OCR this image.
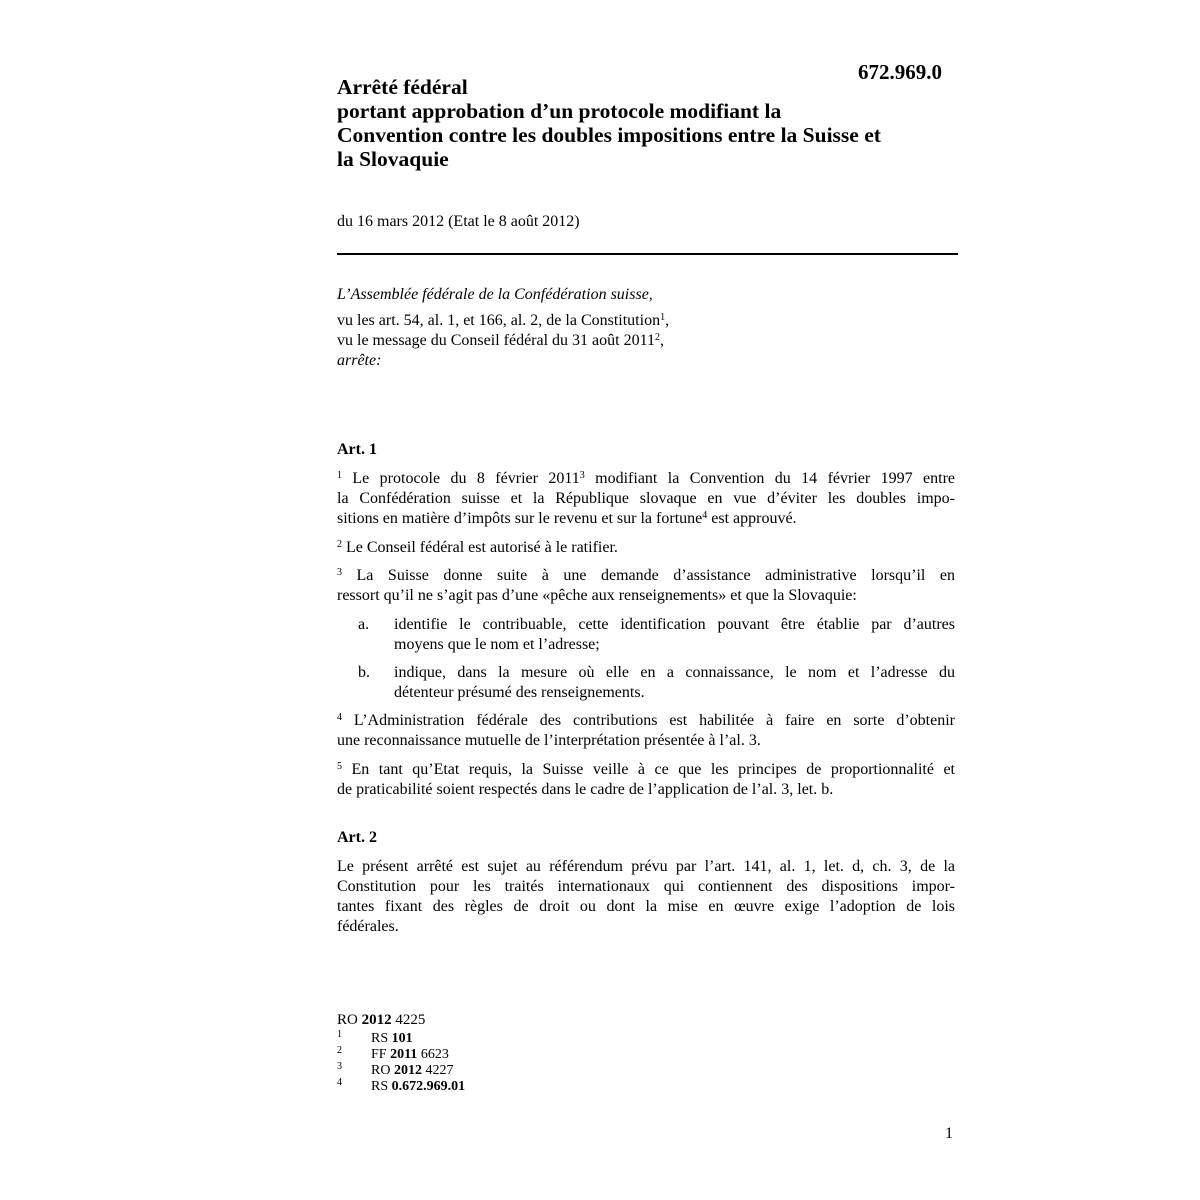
672.969.0
Arrêté fédéral
portant approbation d’un protocole modifiant la
Convention contre les doubles impositions entre la Suisse et
la Slovaquie
du 16 mars 2012 (Etat le 8 août 2012)
L’Assemblée fédérale de la Confédération suisse,
vu les art. 54, al. 1, et 166, al. 2, de la Constitution$^1$,
vu le message du Conseil fédéral du 31 août 2011$^2$,
arrête:
Art. 1
$^1$ Le protocole du 8 février 2011$^3$ modifiant la Convention du 14 février 1997 entre
la Confédération suisse et la République slovaque en vue d’éviter les doubles impo-
sitions en matière d’impôts sur le revenu et sur la fortune$^4$ est approuvé.
$^2$ Le Conseil fédéral est autorisé à le ratifier.
$^3$ La Suisse donne suite à une demande d’assistance administrative lorsqu’il en
ressort qu’il ne s’agit pas d’une «pêche aux renseignements» et que la Slovaquie:
a. identifie le contribuable, cette identification pouvant être établie par d’autres
moyens que le nom et l’adresse;
b. indique, dans la mesure où elle en a connaissance, le nom et l’adresse du
détenteur présumé des renseignements.
$^4$ L’Administration fédérale des contributions est habilitée à faire en sorte d’obtenir
une reconnaissance mutuelle de l’interprétation présentée à l’al. 3.
$^5$ En tant qu’Etat requis, la Suisse veille à ce que les principes de proportionnalité et
de praticabilité soient respectés dans le cadre de l’application de l’al. 3, let. b.
Art. 2
Le présent arrêté est sujet au référendum prévu par l’art. 141, al. 1, let. d, ch. 3, de la
Constitution pour les traités internationaux qui contiennent des dispositions impor-
tantes fixant des règles de droit ou dont la mise en œuvre exige l’adoption de lois
fédérales.
RO 2012 4225
1 RS 101
2 FF 2011 6623
3 RO 2012 4227
4 RS 0.672.969.01
1
